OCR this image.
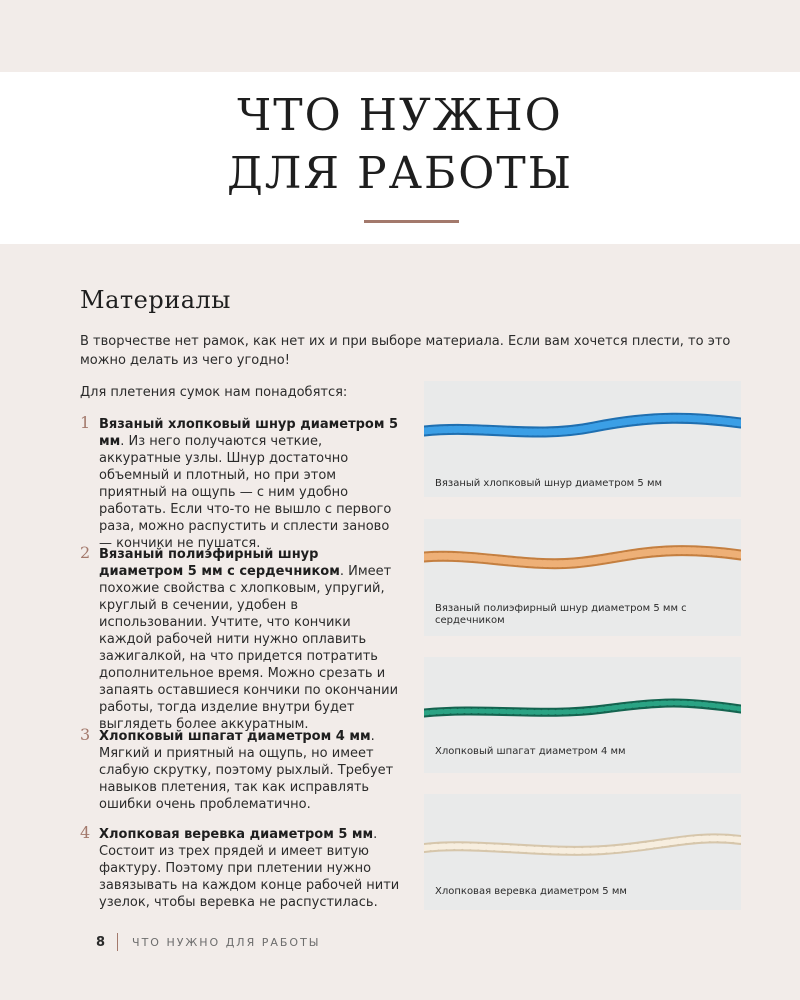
ЧТО НУЖНО
ДЛЯ РАБОТЫ
Материалы
В творчестве нет рамок, как нет их и при выборе материала. Если вам хочется плести, то это можно делать из чего угодно!
Для плетения сумок нам понадобятся:
1 Вязаный хлопковый шнур диаметром 5 мм. Из него получаются четкие, аккуратные узлы. Шнур достаточно объемный и плотный, но при этом приятный на ощупь — с ним удобно работать. Если что-то не вышло с первого раза, можно распустить и сплести заново — кончики не пушатся.
2 Вязаный полиэфирный шнур диаметром 5 мм с сердечником. Имеет похожие свойства с хлопковым, упругий, круглый в сечении, удобен в использовании. Учтите, что кончики каждой рабочей нити нужно оплавить зажигалкой, на что придется потратить дополнительное время. Можно срезать и запаять оставшиеся кончики по окончании работы, тогда изделие внутри будет выглядеть более аккуратным.
3 Хлопковый шпагат диаметром 4 мм. Мягкий и приятный на ощупь, но имеет слабую скрутку, поэтому рыхлый. Требует навыков плетения, так как исправлять ошибки очень проблематично.
4 Хлопковая веревка диаметром 5 мм. Состоит из трех прядей и имеет витую фактуру. Поэтому при плетении нужно завязывать на каждом конце рабочей нити узелок, чтобы веревка не распустилась.
Вязаный хлопковый шнур диаметром 5 мм
Вязаный полиэфирный шнур диаметром 5 мм с сердечником
Хлопковый шпагат диаметром 4 мм
Хлопковая веревка диаметром 5 мм
8 ЧТО НУЖНО ДЛЯ РАБОТЫ
